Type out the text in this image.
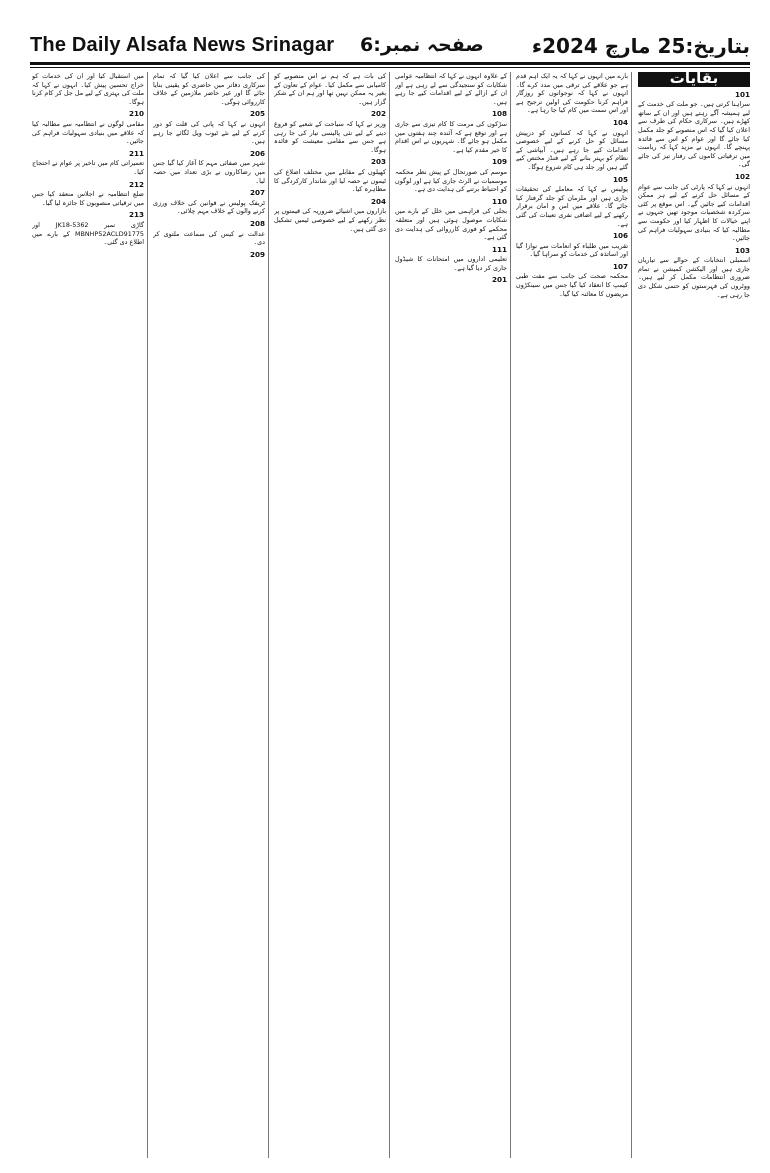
The Daily Alsafa News Srinagar صفحہ نمبر:6 بتاریخ:25 مارچ 2024ء
بقایات
101
سراہنا کرتی ہیں۔ جو ملت کی خدمت کے لیے ہمیشہ آگے رہتے ہیں اور ان کے ساتھ کھڑے ہیں۔ سرکاری حکام کی طرف سے اعلان کیا گیا کہ اس منصوبے کو جلد مکمل کیا جائے گا اور عوام کو اس سے فائدہ پہنچے گا۔ انہوں نے مزید کہا کہ ریاست میں ترقیاتی کاموں کی رفتار تیز کی جائے گی۔
102
انہوں نے کہا کہ پارٹی کی جانب سے عوام کے مسائل حل کرنے کے لیے ہر ممکن اقدامات کیے جائیں گے۔ اس موقع پر کئی سرکردہ شخصیات موجود تھیں جنہوں نے اپنے خیالات کا اظہار کیا اور حکومت سے مطالبہ کیا کہ بنیادی سہولیات فراہم کی جائیں۔
103
اسمبلی انتخابات کے حوالے سے تیاریاں جاری ہیں اور الیکشن کمیشن نے تمام ضروری انتظامات مکمل کر لیے ہیں۔ ووٹروں کی فہرستوں کو حتمی شکل دی جا رہی ہے۔
بارے میں انہوں نے کہا کہ یہ ایک اہم قدم ہے جو علاقے کی ترقی میں مدد کرے گا۔ انہوں نے کہا کہ نوجوانوں کو روزگار فراہم کرنا حکومت کی اولین ترجیح ہے اور اس سمت میں کام کیا جا رہا ہے۔
104
انہوں نے کہا کہ کسانوں کو درپیش مسائل کو حل کرنے کے لیے خصوصی اقدامات کیے جا رہے ہیں۔ آبپاشی کے نظام کو بہتر بنانے کے لیے فنڈز مختص کیے گئے ہیں اور جلد ہی کام شروع ہوگا۔
105
پولیس نے کہا کہ معاملے کی تحقیقات جاری ہیں اور ملزمان کو جلد گرفتار کیا جائے گا۔ علاقے میں امن و امان برقرار رکھنے کے لیے اضافی نفری تعینات کی گئی ہے۔
106
تقریب میں طلباء کو انعامات سے نوازا گیا اور اساتذہ کی خدمات کو سراہا گیا۔
107
محکمہ صحت کی جانب سے مفت طبی کیمپ کا انعقاد کیا گیا جس میں سینکڑوں مریضوں کا معائنہ کیا گیا۔
کے علاوہ انہوں نے کہا کہ انتظامیہ عوامی شکایات کو سنجیدگی سے لے رہی ہے اور ان کے ازالے کے لیے اقدامات کیے جا رہے ہیں۔
108
سڑکوں کی مرمت کا کام تیزی سے جاری ہے اور توقع ہے کہ آئندہ چند ہفتوں میں مکمل ہو جائے گا۔ شہریوں نے اس اقدام کا خیر مقدم کیا ہے۔
109
موسم کی صورتحال کے پیش نظر محکمہ موسمیات نے الرٹ جاری کیا ہے اور لوگوں کو احتیاط برتنے کی ہدایت دی ہے۔
110
بجلی کی فراہمی میں خلل کے بارے میں شکایات موصول ہوئی ہیں اور متعلقہ محکمے کو فوری کارروائی کی ہدایت دی گئی ہے۔
111
تعلیمی اداروں میں امتحانات کا شیڈول جاری کر دیا گیا ہے۔
201
کی بات ہے کہ ہم نے اس منصوبے کو کامیابی سے مکمل کیا۔ عوام کے تعاون کے بغیر یہ ممکن نہیں تھا اور ہم ان کے شکر گزار ہیں۔
202
وزیر نے کہا کہ سیاحت کے شعبے کو فروغ دینے کے لیے نئی پالیسی تیار کی جا رہی ہے جس سے مقامی معیشت کو فائدہ ہوگا۔
203
کھیلوں کے مقابلے میں مختلف اضلاع کی ٹیموں نے حصہ لیا اور شاندار کارکردگی کا مظاہرہ کیا۔
204
بازاروں میں اشیائے ضروریہ کی قیمتوں پر نظر رکھنے کے لیے خصوصی ٹیمیں تشکیل دی گئی ہیں۔
کی جانب سے اعلان کیا گیا کہ تمام سرکاری دفاتر میں حاضری کو یقینی بنایا جائے گا اور غیر حاضر ملازمین کے خلاف کارروائی ہوگی۔
205
انہوں نے کہا کہ پانی کی قلت کو دور کرنے کے لیے نئے ٹیوب ویل لگائے جا رہے ہیں۔
206
شہر میں صفائی مہم کا آغاز کیا گیا جس میں رضاکاروں نے بڑی تعداد میں حصہ لیا۔
207
ٹریفک پولیس نے قوانین کی خلاف ورزی کرنے والوں کے خلاف مہم چلائی۔
208
عدالت نے کیس کی سماعت ملتوی کر دی۔
209
میں استقبال کیا اور ان کی خدمات کو خراج تحسین پیش کیا۔ انہوں نے کہا کہ ملت کی بہتری کے لیے مل جل کر کام کرنا ہوگا۔
210
مقامی لوگوں نے انتظامیہ سے مطالبہ کیا کہ علاقے میں بنیادی سہولیات فراہم کی جائیں۔
211
تعمیراتی کام میں تاخیر پر عوام نے احتجاج کیا۔
212
ضلع انتظامیہ نے اجلاس منعقد کیا جس میں ترقیاتی منصوبوں کا جائزہ لیا گیا۔
213
گاڑی نمبر JK18-5362 اور MBNHP52ACLD91775 کے بارے میں اطلاع دی گئی۔
